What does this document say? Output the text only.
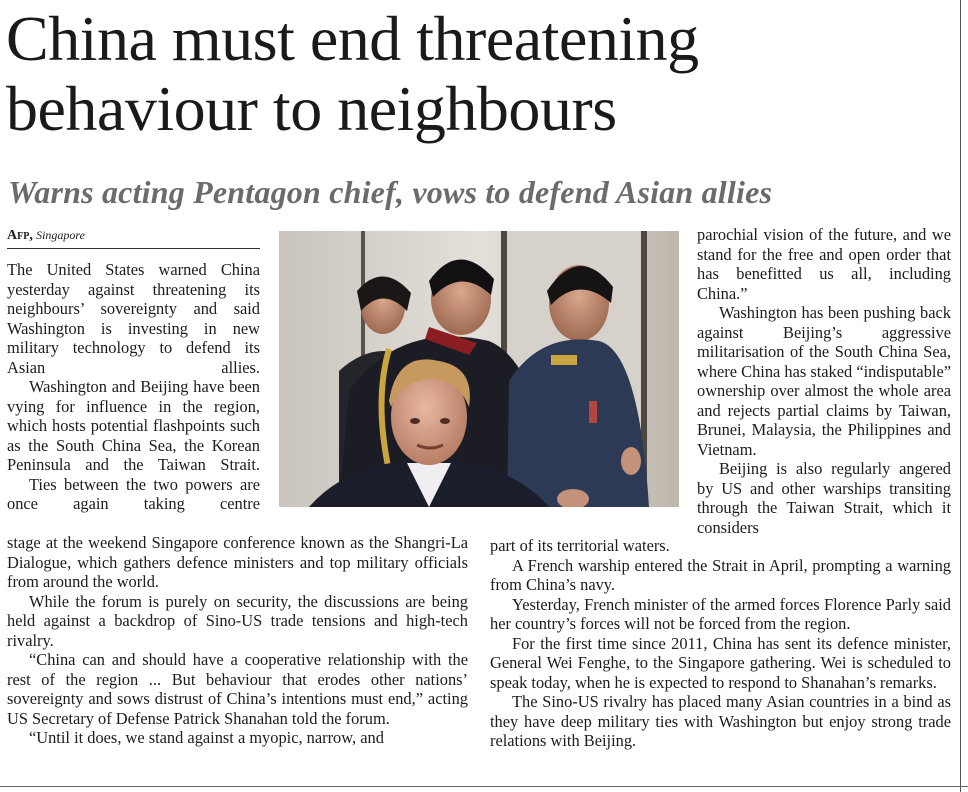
China must end threatening behaviour to neighbours
Warns acting Pentagon chief, vows to defend Asian allies
Afp, Singapore

The United States warned China yesterday against threatening its neighbours’ sovereignty and said Washington is investing in new military technology to defend its Asian allies.

Washington and Beijing have been vying for influence in the region, which hosts potential flashpoints such as the South China Sea, the Korean Peninsula and the Taiwan Strait.

Ties between the two powers are once again taking centre

stage at the weekend Singapore conference known as the Shangri-La Dialogue, which gathers defence ministers and top military officials from around the world.

While the forum is purely on security, the discussions are being held against a backdrop of Sino-US trade tensions and high-tech rivalry.

“China can and should have a cooperative relationship with the rest of the region ... But behaviour that erodes other nations’ sovereignty and sows distrust of China’s intentions must end,” acting US Secretary of Defense Patrick Shanahan told the forum.

“Until it does, we stand against a myopic, narrow, and

parochial vision of the future, and we stand for the free and open order that has benefitted us all, including China.”

Washington has been pushing back against Beijing’s aggressive militarisation of the South China Sea, where China has staked “indisputable” ownership over almost the whole area and rejects partial claims by Taiwan, Brunei, Malaysia, the Philippines and Vietnam.

Beijing is also regularly angered by US and other warships transiting through the Taiwan Strait, which it considers

part of its territorial waters.

A French warship entered the Strait in April, prompting a warning from China’s navy.

Yesterday, French minister of the armed forces Florence Parly said her country’s forces will not be forced from the region.

For the first time since 2011, China has sent its defence minister, General Wei Fenghe, to the Singapore gathering. Wei is scheduled to speak today, when he is expected to respond to Shanahan’s remarks.

The Sino-US rivalry has placed many Asian countries in a bind as they have deep military ties with Washington but enjoy strong trade relations with Beijing.
